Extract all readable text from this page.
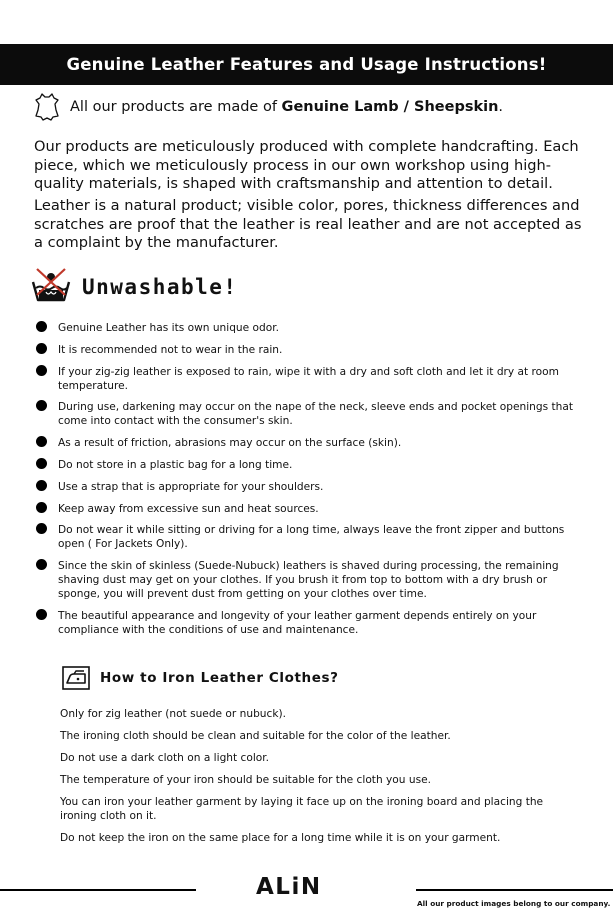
Genuine Leather Features and Usage Instructions!
All our products are made of Genuine Lamb / Sheepskin .

Our products are meticulously produced with complete handcrafting. Each piece, which we meticulously process in our own workshop using high-quality materials, is shaped with craftsmanship and attention to detail.

Leather is a natural product; visible color, pores, thickness differences and scratches are proof that the leather is real leather and are not accepted as a complaint by the manufacturer.

Unwashable!
Genuine Leather has its own unique odor.
It is recommended not to wear in the rain.
If your zig-zig leather is exposed to rain, wipe it with a dry and soft cloth and let it dry at room temperature.
During use, darkening may occur on the nape of the neck, sleeve ends and pocket openings that come into contact with the consumer's skin.
As a result of friction, abrasions may occur on the surface (skin).
Do not store in a plastic bag for a long time.
Use a strap that is appropriate for your shoulders.
Keep away from excessive sun and heat sources.
Do not wear it while sitting or driving for a long time, always leave the front zipper and buttons open ( For Jackets Only).
Since the skin of skinless (Suede-Nubuck) leathers is shaved during processing, the remaining shaving dust may get on your clothes. If you brush it from top to bottom with a dry brush or sponge, you will prevent dust from getting on your clothes over time.
The beautiful appearance and longevity of your leather garment depends entirely on your compliance with the conditions of use and maintenance.
How to Iron Leather Clothes?
Only for zig leather (not suede or nubuck).
The ironing cloth should be clean and suitable for the color of the leather.
Do not use a dark cloth on a light color.
The temperature of your iron should be suitable for the cloth you use.
You can iron your leather garment by laying it face up on the ironing board and placing the ironing cloth on it.
Do not keep the iron on the same place for a long time while it is on your garment.
ALiN
All our product images belong to our company.
